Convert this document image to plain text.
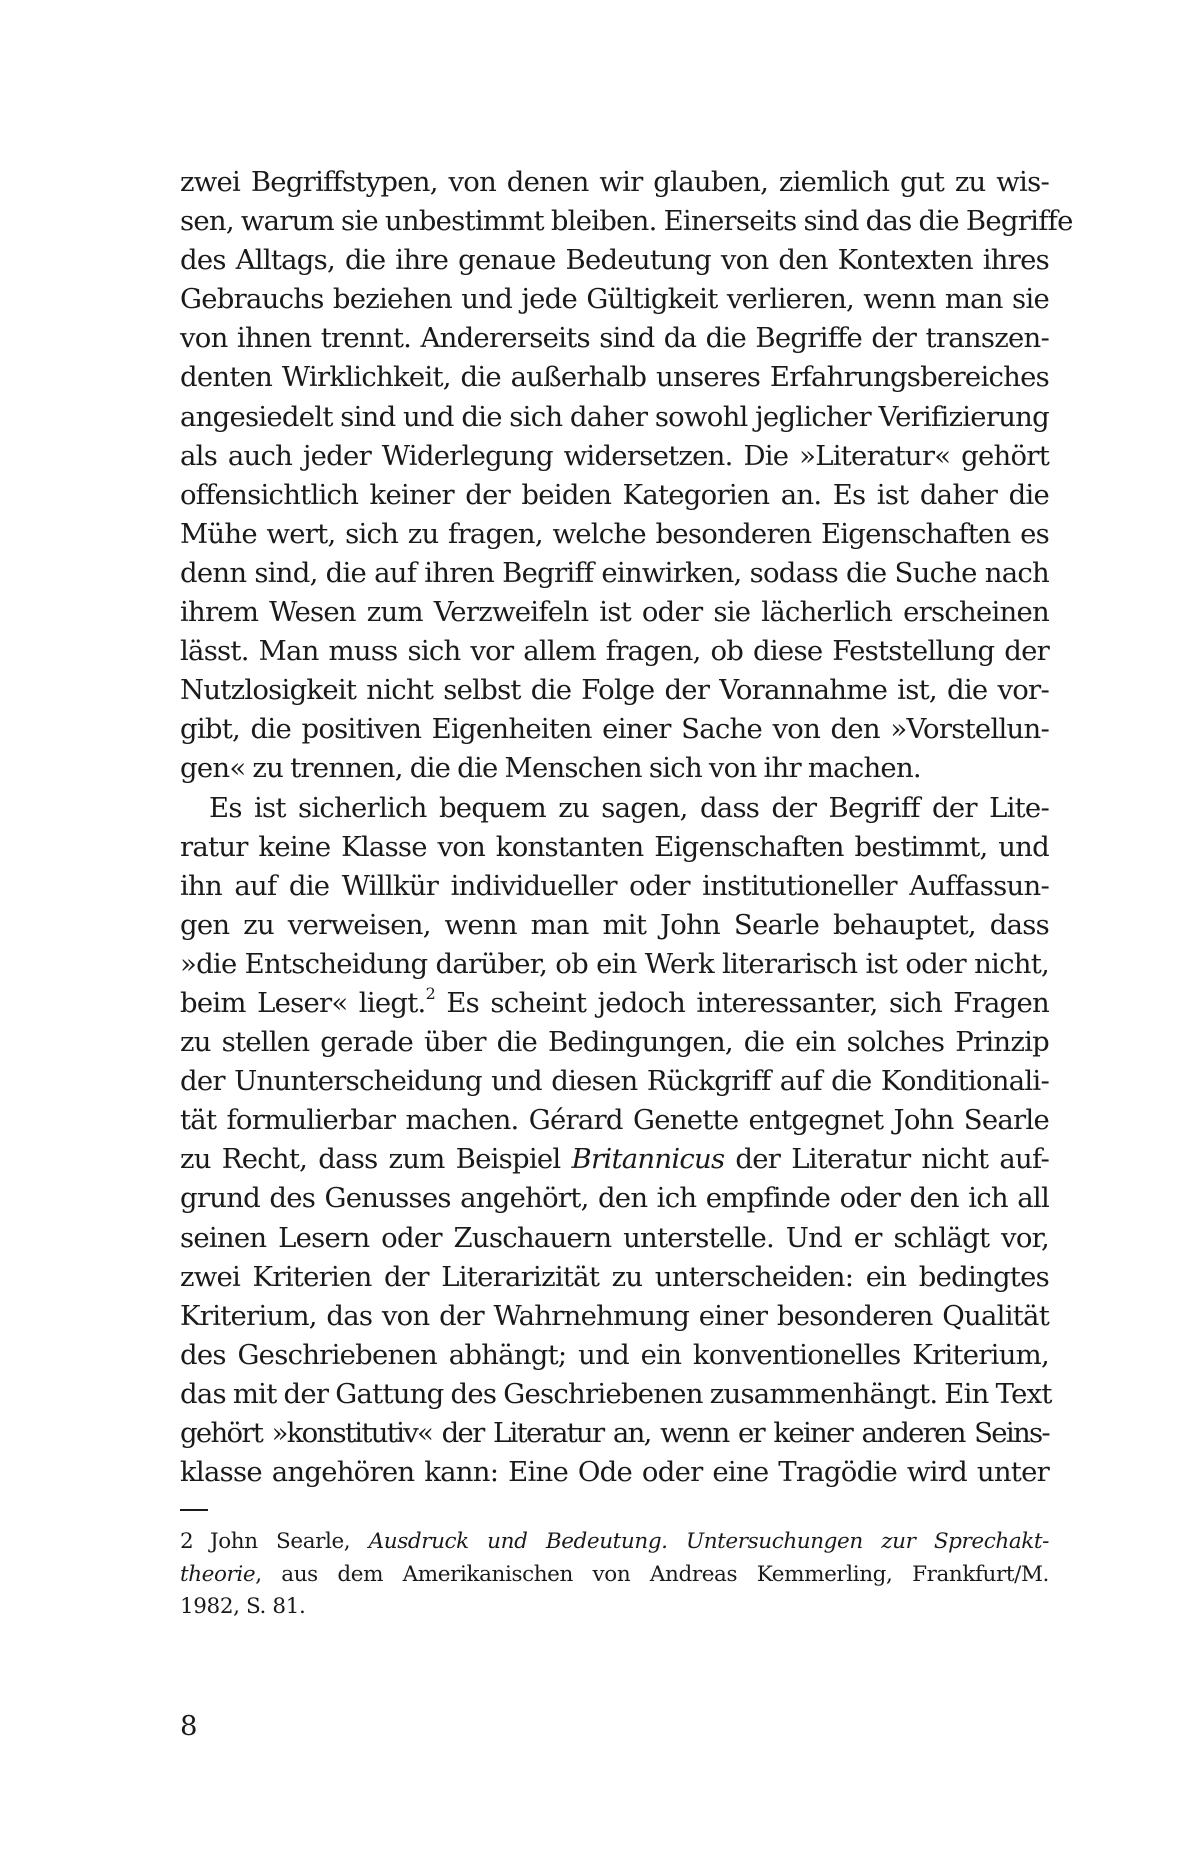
zwei Begriffstypen, von denen wir glauben, ziemlich gut zu wis-
sen, warum sie unbestimmt bleiben. Einerseits sind das die Begriffe
des Alltags, die ihre genaue Bedeutung von den Kontexten ihres
Gebrauchs beziehen und jede Gültigkeit verlieren, wenn man sie
von ihnen trennt. Andererseits sind da die Begriffe der transzen-
denten Wirklichkeit, die außerhalb unseres Erfahrungsbereiches
angesiedelt sind und die sich daher sowohl jeglicher Verifizierung
als auch jeder Widerlegung widersetzen. Die »Literatur« gehört
offensichtlich keiner der beiden Kategorien an. Es ist daher die
Mühe wert, sich zu fragen, welche besonderen Eigenschaften es
denn sind, die auf ihren Begriff einwirken, sodass die Suche nach
ihrem Wesen zum Verzweifeln ist oder sie lächerlich erscheinen
lässt. Man muss sich vor allem fragen, ob diese Feststellung der
Nutzlosigkeit nicht selbst die Folge der Vorannahme ist, die vor-
gibt, die positiven Eigenheiten einer Sache von den »Vorstellun-
gen« zu trennen, die die Menschen sich von ihr machen.
Es ist sicherlich bequem zu sagen, dass der Begriff der Lite-
ratur keine Klasse von konstanten Eigenschaften bestimmt, und
ihn auf die Willkür individueller oder institutioneller Auffassun-
gen zu verweisen, wenn man mit John Searle behauptet, dass
»die Entscheidung darüber, ob ein Werk literarisch ist oder nicht,
beim Leser« liegt.$^2$ Es scheint jedoch interessanter, sich Fragen
zu stellen gerade über die Bedingungen, die ein solches Prinzip
der Ununterscheidung und diesen Rückgriff auf die Konditionali-
tät formulierbar machen. Gérard Genette entgegnet John Searle
zu Recht, dass zum Beispiel Britannicus der Literatur nicht auf-
grund des Genusses angehört, den ich empfinde oder den ich all
seinen Lesern oder Zuschauern unterstelle. Und er schlägt vor,
zwei Kriterien der Literarizität zu unterscheiden: ein bedingtes
Kriterium, das von der Wahrnehmung einer besonderen Qualität
des Geschriebenen abhängt; und ein konventionelles Kriterium,
das mit der Gattung des Geschriebenen zusammenhängt. Ein Text
gehört »konstitutiv« der Literatur an, wenn er keiner anderen Seins-
klasse angehören kann: Eine Ode oder eine Tragödie wird unter
2 John Searle, Ausdruck und Bedeutung. Untersuchungen zur Sprechakt-
theorie, aus dem Amerikanischen von Andreas Kemmerling, Frankfurt/M.
1982, S. 81.
8
